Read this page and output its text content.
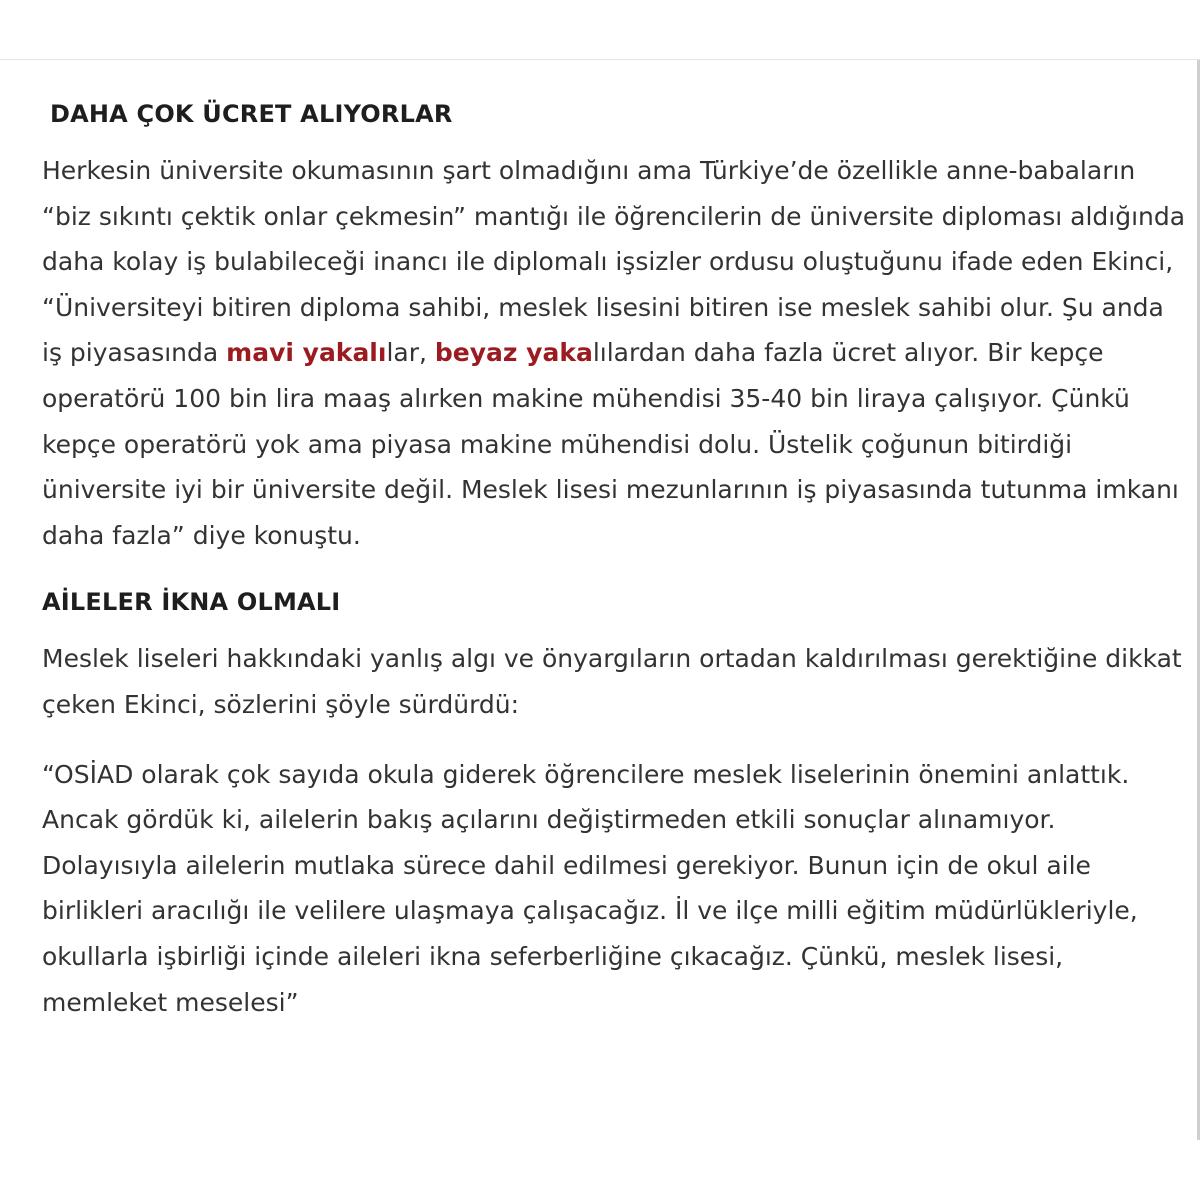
DAHA ÇOK ÜCRET ALIYORLAR

Herkesin üniversite okumasının şart olmadığını ama Türkiye’de özellikle anne-babaların “biz sıkıntı çektik onlar çekmesin” mantığı ile öğrencilerin de üniversite diploması aldığında daha kolay iş bulabileceği inancı ile diplomalı işsizler ordusu oluştuğunu ifade eden Ekinci, “Üniversiteyi bitiren diploma sahibi, meslek lisesini bitiren ise meslek sahibi olur. Şu anda iş piyasasında mavi yakalılar, beyaz yakalılardan daha fazla ücret alıyor. Bir kepçe operatörü 100 bin lira maaş alırken makine mühendisi 35-40 bin liraya çalışıyor. Çünkü kepçe operatörü yok ama piyasa makine mühendisi dolu. Üstelik çoğunun bitirdiği üniversite iyi bir üniversite değil. Meslek lisesi mezunlarının iş piyasasında tutunma imkanı daha fazla” diye konuştu.

AİLELER İKNA OLMALI

Meslek liseleri hakkındaki yanlış algı ve önyargıların ortadan kaldırılması gerektiğine dikkat çeken Ekinci, sözlerini şöyle sürdürdü:

“OSİAD olarak çok sayıda okula giderek öğrencilere meslek liselerinin önemini anlattık. Ancak gördük ki, ailelerin bakış açılarını değiştirmeden etkili sonuçlar alınamıyor. Dolayısıyla ailelerin mutlaka sürece dahil edilmesi gerekiyor. Bunun için de okul aile birlikleri aracılığı ile velilere ulaşmaya çalışacağız. İl ve ilçe milli eğitim müdürlükleriyle, okullarla işbirliği içinde aileleri ikna seferberliğine çıkacağız. Çünkü, meslek lisesi, memleket meselesi”
